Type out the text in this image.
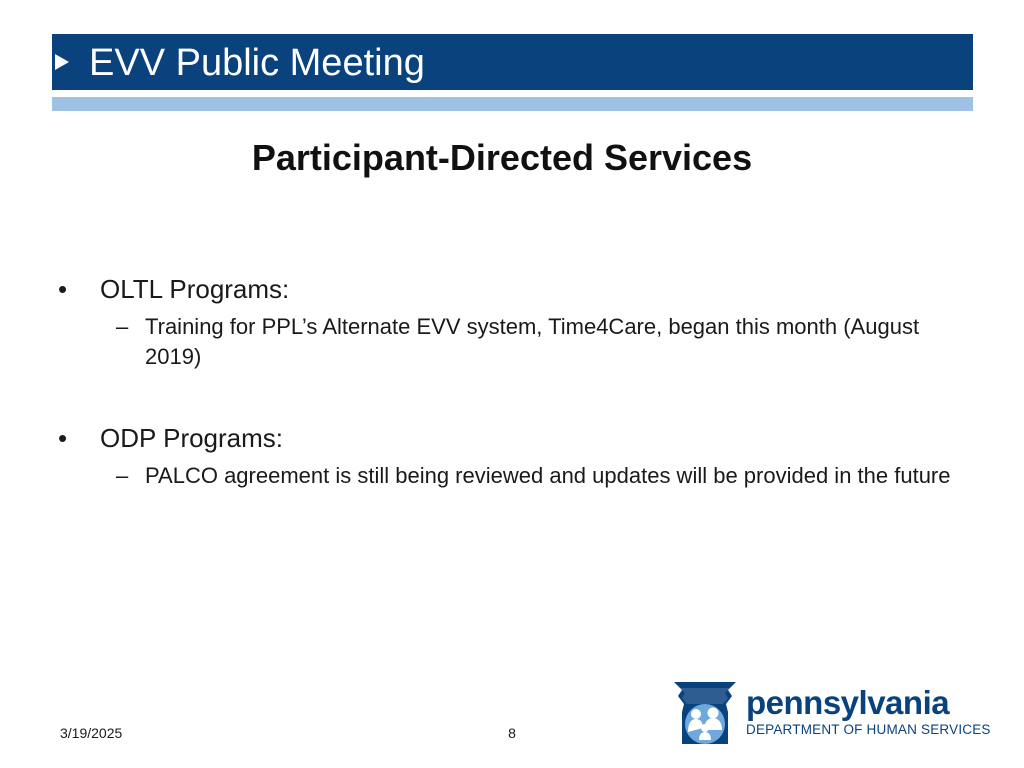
EVV Public Meeting
Participant-Directed Services
• OLTL Programs:
– Training for PPL’s Alternate EVV system, Time4Care, began this month (August 2019)
• ODP Programs:
– PALCO agreement is still being reviewed and updates will be provided in the future
3/19/2025	8
pennsylvania
DEPARTMENT OF HUMAN SERVICES
